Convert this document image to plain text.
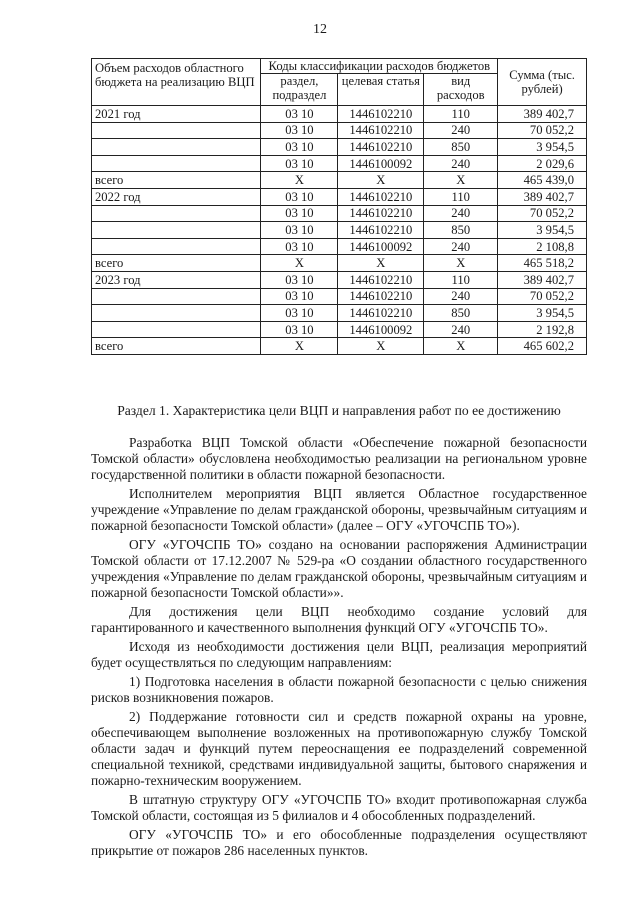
12
Объем расходов областного бюджета на реализацию ВЦП	Коды классификации расходов бюджетов			Сумма (тыс. рублей)
	раздел, подраздел	целевая статья	вид расходов	
2021 год	03 10	1446102210	110	389 402,7
	03 10	1446102210	240	70 052,2
	03 10	1446102210	850	3 954,5
	03 10	1446100092	240	2 029,6
всего	X	X	X	465 439,0
2022 год	03 10	1446102210	110	389 402,7
	03 10	1446102210	240	70 052,2
	03 10	1446102210	850	3 954,5
	03 10	1446100092	240	2 108,8
всего	X	X	X	465 518,2
2023 год	03 10	1446102210	110	389 402,7
	03 10	1446102210	240	70 052,2
	03 10	1446102210	850	3 954,5
	03 10	1446100092	240	2 192,8
всего	X	X	X	465 602,2
Раздел 1. Характеристика цели ВЦП и направления работ по ее достижению

Разработка ВЦП Томской области «Обеспечение пожарной безопасности Томской области» обусловлена необходимостью реализации на региональном уровне государственной политики в области пожарной безопасности.

Исполнителем мероприятия ВЦП является Областное государственное учреждение «Управление по делам гражданской обороны, чрезвычайным ситуациям и пожарной безопасности Томской области» (далее – ОГУ «УГОЧСПБ ТО»).

ОГУ «УГОЧСПБ ТО» создано на основании распоряжения Администрации Томской области от 17.12.2007 № 529-ра «О создании областного государственного учреждения «Управление по делам гражданской обороны, чрезвычайным ситуациям и пожарной безопасности Томской области»».

Для достижения цели ВЦП необходимо создание условий для гарантированного и качественного выполнения функций ОГУ «УГОЧСПБ ТО».

Исходя из необходимости достижения цели ВЦП, реализация мероприятий будет осуществляться по следующим направлениям:

1) Подготовка населения в области пожарной безопасности с целью снижения рисков возникновения пожаров.

2) Поддержание готовности сил и средств пожарной охраны на уровне, обеспечивающем выполнение возложенных на противопожарную службу Томской области задач и функций путем переоснащения ее подразделений современной специальной техникой, средствами индивидуальной защиты, бытового снаряжения и пожарно-техническим вооружением.

В штатную структуру ОГУ «УГОЧСПБ ТО» входит противопожарная служба Томской области, состоящая из 5 филиалов и 4 обособленных подразделений.

ОГУ «УГОЧСПБ ТО» и его обособленные подразделения осуществляют прикрытие от пожаров 286 населенных пунктов.
